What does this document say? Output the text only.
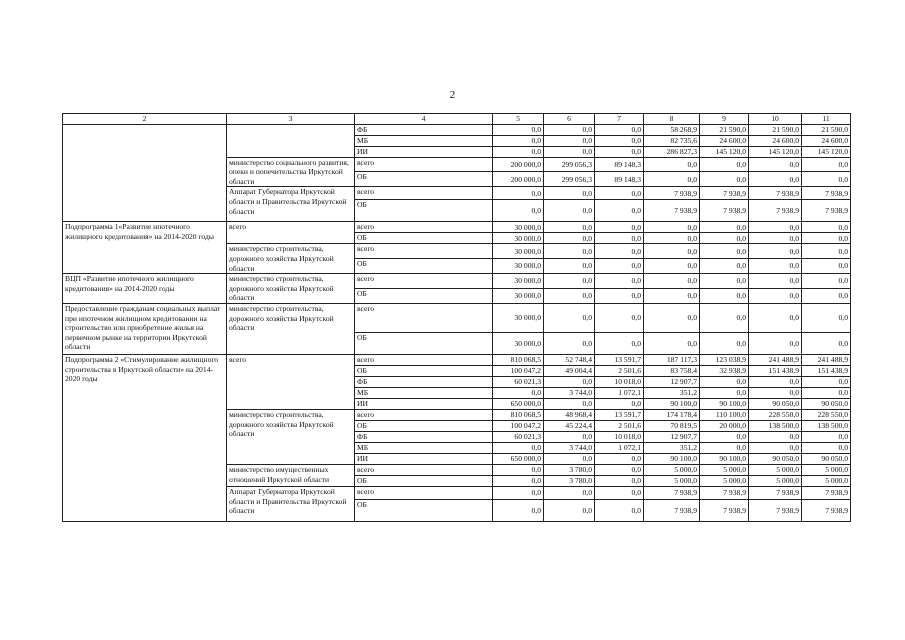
2
2	3	4	5	6	7	8	9	10	11
		ФБ	0,0	0,0	0,0	58 268,9	21 590,0	21 590,0	21 590,0
		МБ	0,0	0,0	0,0	82 735,6	24 600,0	24 600,0	24 600,0
		ИИ	0,0	0,0	0,0	286 827,3	145 120,0	145 120,0	145 120,0
	министерство социального развития, опеки и попечительства Иркутской области	всего	200 000,0	299 056,3	89 148,3	0,0	0,0	0,0	0,0
		ОБ	200 000,0	299 056,3	89 148,3	0,0	0,0	0,0	0,0
	Аппарат Губернатора Иркутской области и Правительства Иркутской области	всего	0,0	0,0	0,0	7 938,9	7 938,9	7 938,9	7 938,9
		ОБ	0,0	0,0	0,0	7 938,9	7 938,9	7 938,9	7 938,9
Подпрограмма 1«Развитие ипотечного жилищного кредитования» на 2014-2020 годы	всего	всего	30 000,0	0,0	0,0	0,0	0,0	0,0	0,0
		ОБ	30 000,0	0,0	0,0	0,0	0,0	0,0	0,0
	министерство строительства, дорожного хозяйства Иркутской области	всего	30 000,0	0,0	0,0	0,0	0,0	0,0	0,0
		ОБ	30 000,0	0,0	0,0	0,0	0,0	0,0	0,0
ВЦП «Развитие ипотечного жилищного кредитования» на 2014-2020 годы	министерство строительства, дорожного хозяйства Иркутской области	всего	30 000,0	0,0	0,0	0,0	0,0	0,0	0,0
		ОБ	30 000,0	0,0	0,0	0,0	0,0	0,0	0,0
Предоставление гражданам социальных выплат при ипотечном жилищном кредитовании на строительство или приобретение жилья на первичном рынке на территории Иркутской области	министерство строительства, дорожного хозяйства Иркутской области	всего	30 000,0	0,0	0,0	0,0	0,0	0,0	0,0
		ОБ	30 000,0	0,0	0,0	0,0	0,0	0,0	0,0
Подпрограмма 2 «Стимулирование жилищного строительства в Иркутской области» на 2014-2020 годы	всего	всего	810 068,5	52 748,4	13 591,7	187 117,3	123 038,9	241 488,9	241 488,9
		ОБ	100 047,2	49 004,4	2 501,6	83 758,4	32 938,9	151 438,9	151 438,9
		ФБ	60 021,3	0,0	10 018,0	12 907,7	0,0	0,0	0,0
		МБ	0,0	3 744,0	1 072,1	351,2	0,0	0,0	0,0
		ИИ	650 000,0	0,0	0,0	90 100,0	90 100,0	90 050,0	90 050,0
	министерство строительства, дорожного хозяйства Иркутской области	всего	810 068,5	48 968,4	13 591,7	174 178,4	110 100,0	228 550,0	228 550,0
		ОБ	100 047,2	45 224,4	2 501,6	70 819,5	20 000,0	138 500,0	138 500,0
		ФБ	60 021,3	0,0	10 018,0	12 907,7	0,0	0,0	0,0
		МБ	0,0	3 744,0	1 072,1	351,2	0,0	0,0	0,0
		ИИ	650 000,0	0,0	0,0	90 100,0	90 100,0	90 050,0	90 050,0
	министерство имущественных отношений Иркутской области	всего	0,0	3 780,0	0,0	5 000,0	5 000,0	5 000,0	5 000,0
		ОБ	0,0	3 780,0	0,0	5 000,0	5 000,0	5 000,0	5 000,0
	Аппарат Губернатора Иркутской области и Правительства Иркутской области	всего	0,0	0,0	0,0	7 938,9	7 938,9	7 938,9	7 938,9
		ОБ	0,0	0,0	0,0	7 938,9	7 938,9	7 938,9	7 938,9
